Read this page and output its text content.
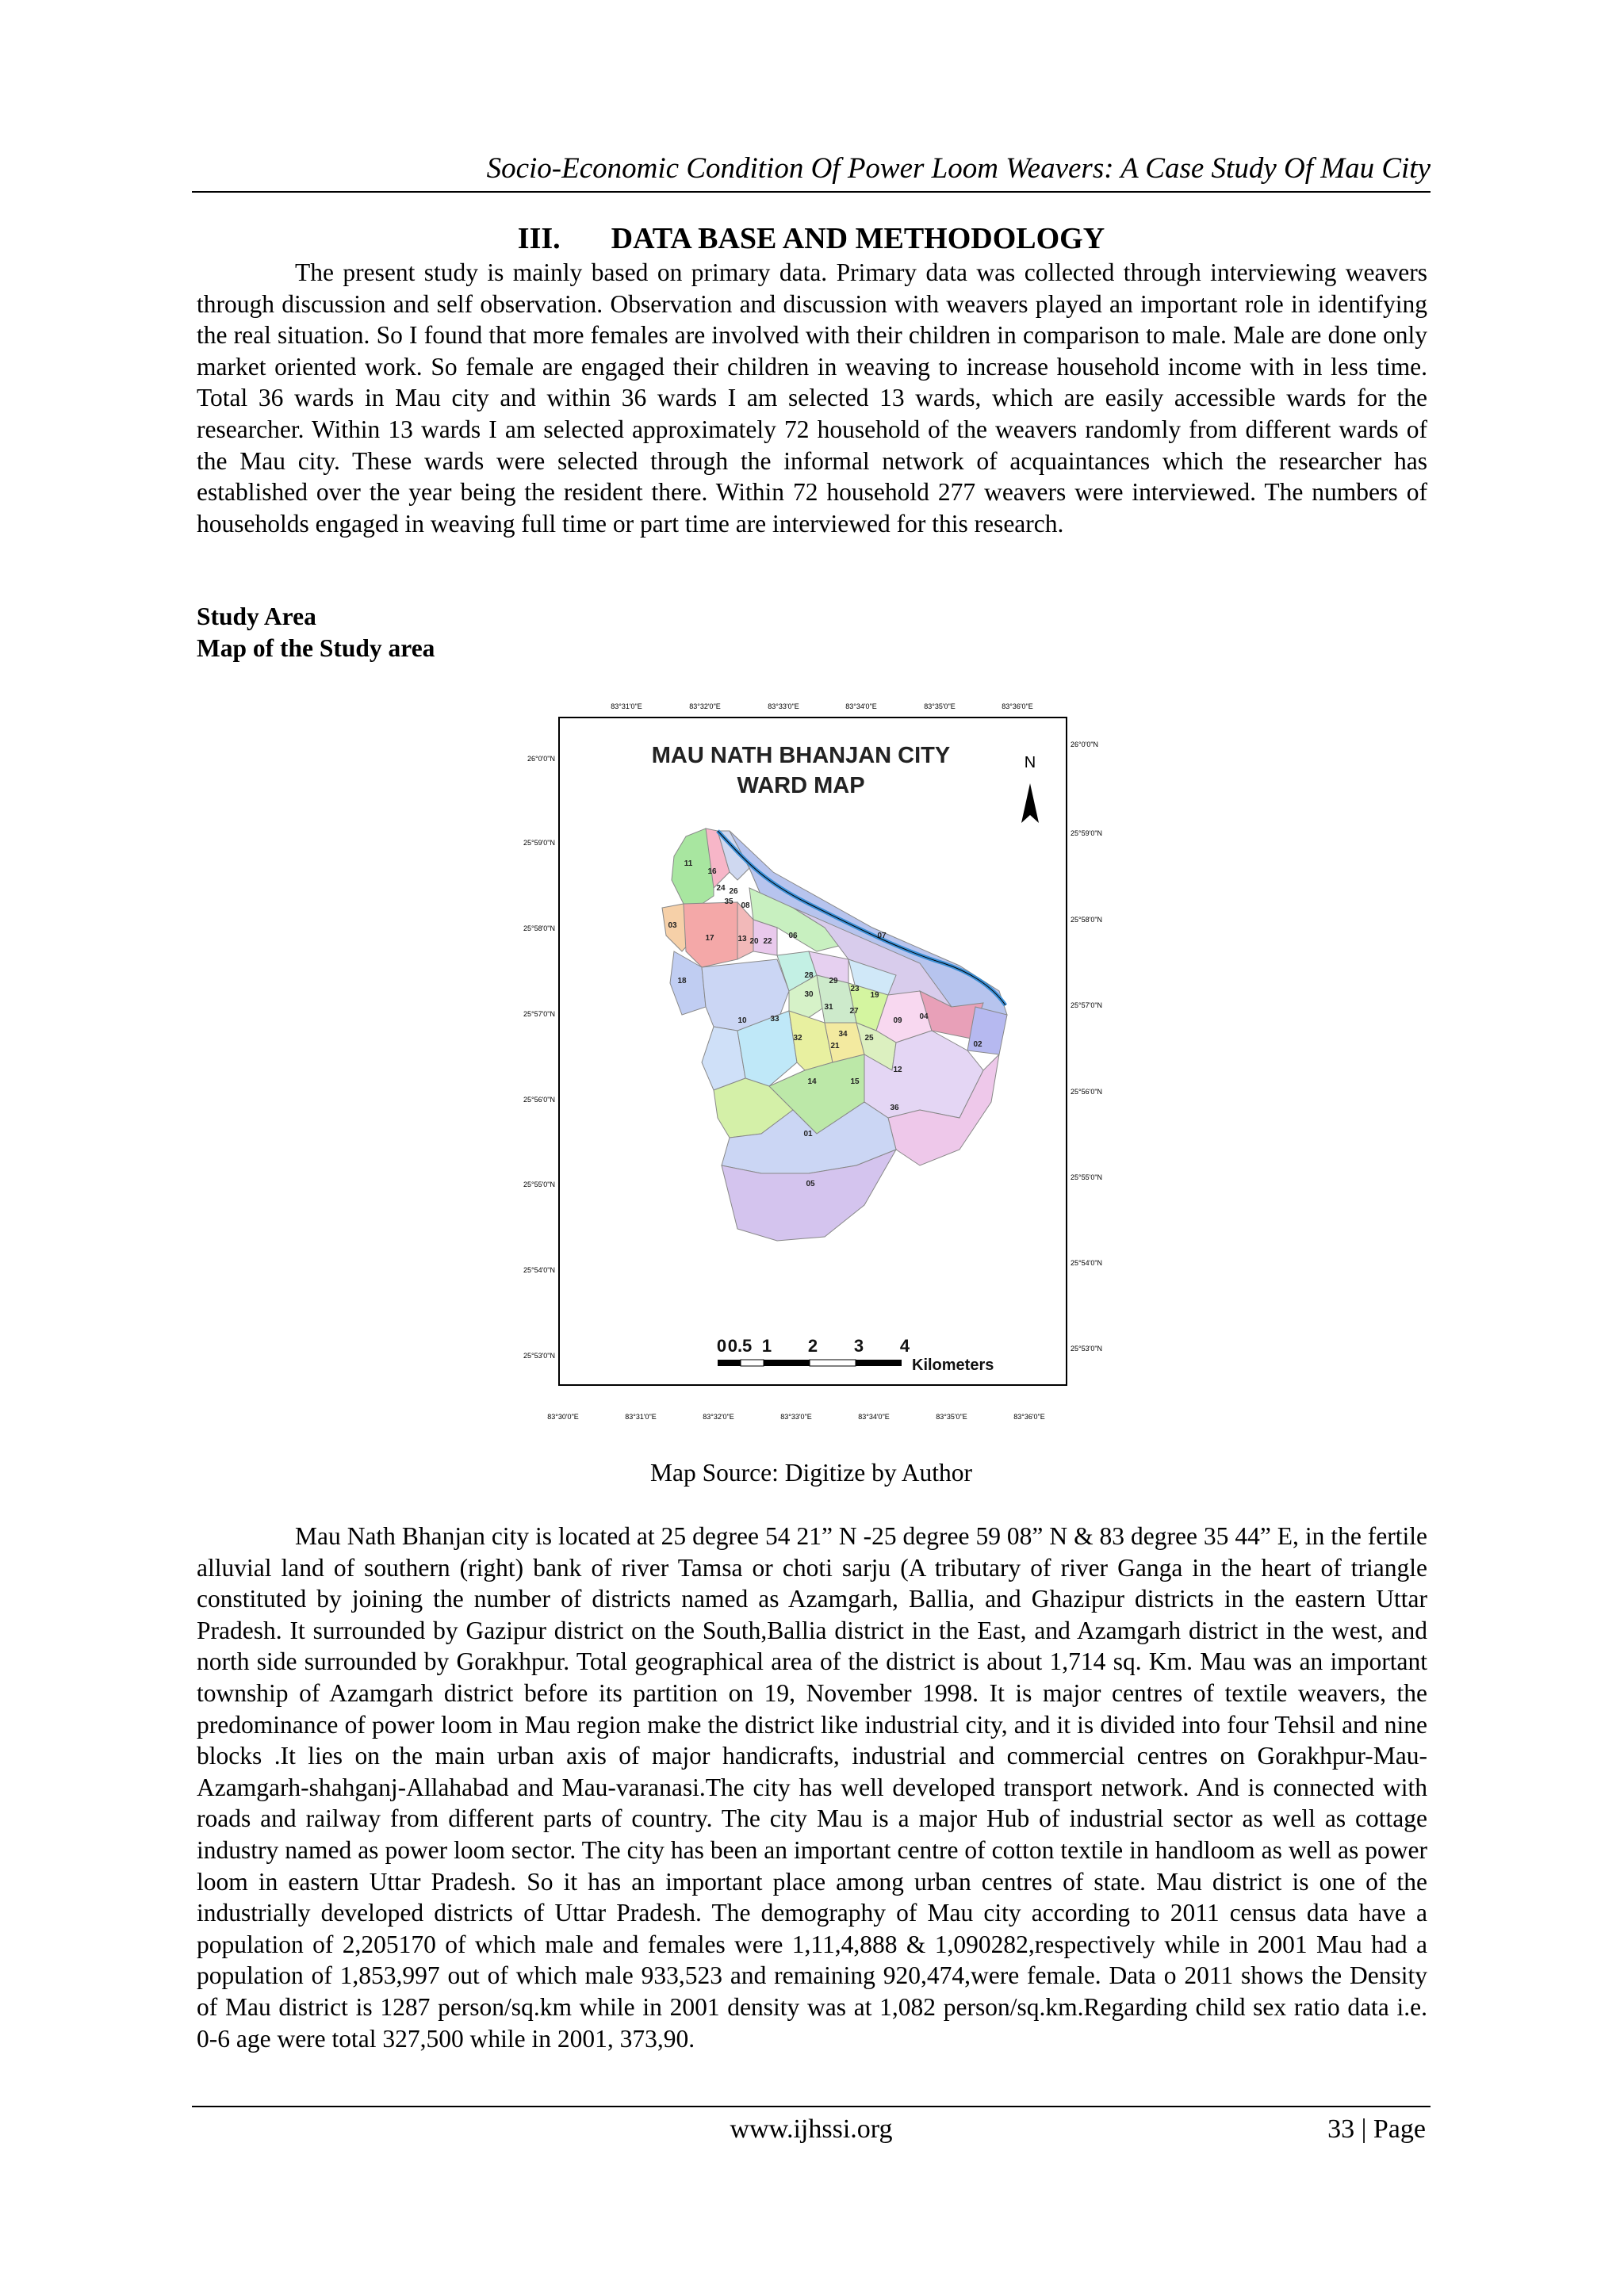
Socio-Economic Condition Of Power Loom Weavers: A Case Study Of Mau City
III. DATA BASE AND METHODOLOGY

The present study is mainly based on primary data. Primary data was collected through interviewing weavers through discussion and self observation. Observation and discussion with weavers played an important role in identifying the real situation. So I found that more females are involved with their children in comparison to male. Male are done only market oriented work. So female are engaged their children in weaving to increase household income with in less time. Total 36 wards in Mau city and within 36 wards I am selected 13 wards, which are easily accessible wards for the researcher. Within 13 wards I am selected approximately 72 household of the weavers randomly from different wards of the Mau city. These wards were selected through the informal network of acquaintances which the researcher has established over the year being the resident there. Within 72 household 277 weavers were interviewed. The numbers of households engaged in weaving full time or part time are interviewed for this research.

Study Area
Map of the Study area
83°31'0"E	83°32'0"E	83°33'0"E	83°34'0"E	83°35'0"E	83°36'0"E
83°30'0"E	83°31'0"E	83°32'0"E	83°33'0"E	83°34'0"E	83°35'0"E	83°36'0"E
26°0'0"N
25°59'0"N
25°58'0"N
25°57'0"N
25°56'0"N
25°55'0"N
25°54'0"N
25°53'0"N
26°0'0"N
25°59'0"N
25°58'0"N
25°57'0"N
25°56'0"N
25°55'0"N
25°54'0"N
25°53'0"N
MAU NATH BHANJAN CITY
WARD MAP
N
11
16
24 26
35 08
03
17	13 20 22
06	07
18
28
29
23
19
30
31 27
10	33	09 04
32	34
21
25
02
14	15
12
36
01
05
0 0.5 1 2 3 4
Kilometers
Map Source: Digitize by Author

Mau Nath Bhanjan city is located at 25 degree 54 21” N -25 degree 59 08” N & 83 degree 35 44” E, in the fertile alluvial land of southern (right) bank of river Tamsa or choti sarju (A tributary of river Ganga in the heart of triangle constituted by joining the number of districts named as Azamgarh, Ballia, and Ghazipur districts in the eastern Uttar Pradesh. It surrounded by Gazipur district on the South,Ballia district in the East, and Azamgarh district in the west, and north side surrounded by Gorakhpur. Total geographical area of the district is about 1,714 sq. Km. Mau was an important township of Azamgarh district before its partition on 19, November 1998. It is major centres of textile weavers, the predominance of power loom in Mau region make the district like industrial city, and it is divided into four Tehsil and nine blocks .It lies on the main urban axis of major handicrafts, industrial and commercial centres on Gorakhpur-Mau-Azamgarh-shahganj-Allahabad and Mau-varanasi.The city has well developed transport network. And is connected with roads and railway from different parts of country. The city Mau is a major Hub of industrial sector as well as cottage industry named as power loom sector. The city has been an important centre of cotton textile in handloom as well as power loom in eastern Uttar Pradesh. So it has an important place among urban centres of state. Mau district is one of the industrially developed districts of Uttar Pradesh. The demography of Mau city according to 2011 census data have a population of 2,205170 of which male and females were 1,11,4,888 & 1,090282,respectively while in 2001 Mau had a population of 1,853,997 out of which male 933,523 and remaining 920,474,were female. Data o 2011 shows the Density of Mau district is 1287 person/sq.km while in 2001 density was at 1,082 person/sq.km.Regarding child sex ratio data i.e. 0-6 age were total 327,500 while in 2001, 373,90.

www.ijhssi.org	33 | Page
